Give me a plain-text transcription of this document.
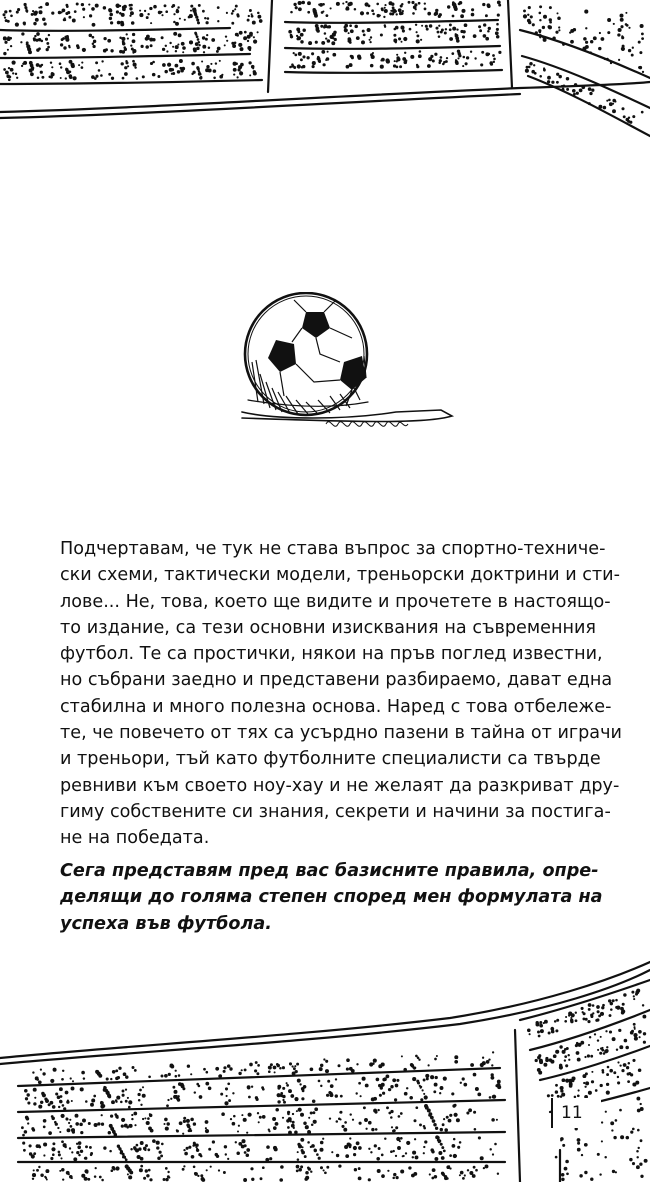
Подчертавам, че тук не става въпрос за спортно-техниче-
ски схеми, тактически модели, треньорски доктрини и сти-
лове... Не, това, което ще видите и прочетете в настоящо-
то издание, са тези основни изисквания на съвременния
футбол. Те са простички, някои на пръв поглед известни,
но събрани заедно и представени разбираемо, дават една
стабилна и много полезна основа. Наред с това отбележе-
те, че повечето от тях са усърдно пазени в тайна от играчи
и треньори, тъй като футболните специалисти са твърде
ревниви към своето ноу-хау и не желаят да разкриват дру-
гиму собствените си знания, секрети и начини за постига-
не на победата.
Сега представям пред вас базисните правила, опре-
делящи до голяма степен според мен формулата на
успеха във футбола.
11
